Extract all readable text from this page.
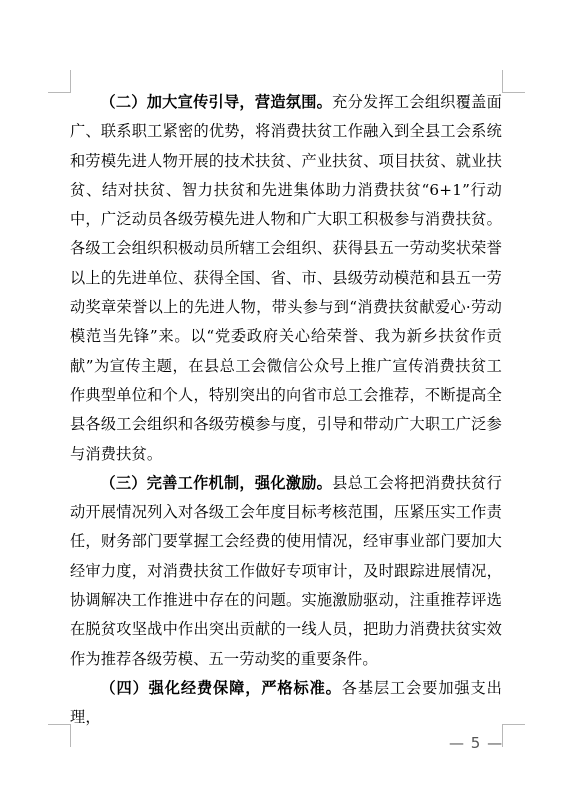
（二）加大宣传引导，营造氛围。充分发挥工会组织覆盖面广、联系职工紧密的优势，将消费扶贫工作融入到全县工会系统和劳模先进人物开展的技术扶贫、产业扶贫、项目扶贫、就业扶贫、结对扶贫、智力扶贫和先进集体助力消费扶贫“6+1”行动中，广泛动员各级劳模先进人物和广大职工积极参与消费扶贫。各级工会组织积极动员所辖工会组织、获得县五一劳动奖状荣誉以上的先进单位、获得全国、省、市、县级劳动模范和县五一劳动奖章荣誉以上的先进人物，带头参与到“消费扶贫献爱心·劳动模范当先锋”来。以“党委政府关心给荣誉、我为新乡扶贫作贡献”为宣传主题，在县总工会微信公众号上推广宣传消费扶贫工作典型单位和个人，特别突出的向省市总工会推荐，不断提高全县各级工会组织和各级劳模参与度，引导和带动广大职工广泛参与消费扶贫。

（三）完善工作机制，强化激励。县总工会将把消费扶贫行动开展情况列入对各级工会年度目标考核范围，压紧压实工作责任，财务部门要掌握工会经费的使用情况，经审事业部门要加大经审力度，对消费扶贫工作做好专项审计，及时跟踪进展情况，协调解决工作推进中存在的问题。实施激励驱动，注重推荐评选在脱贫攻坚战中作出突出贡献的一线人员，把助力消费扶贫实效作为推荐各级劳模、五一劳动奖的重要条件。

（四）强化经费保障，严格标准。各基层工会要加强支出理，

— 5 —
